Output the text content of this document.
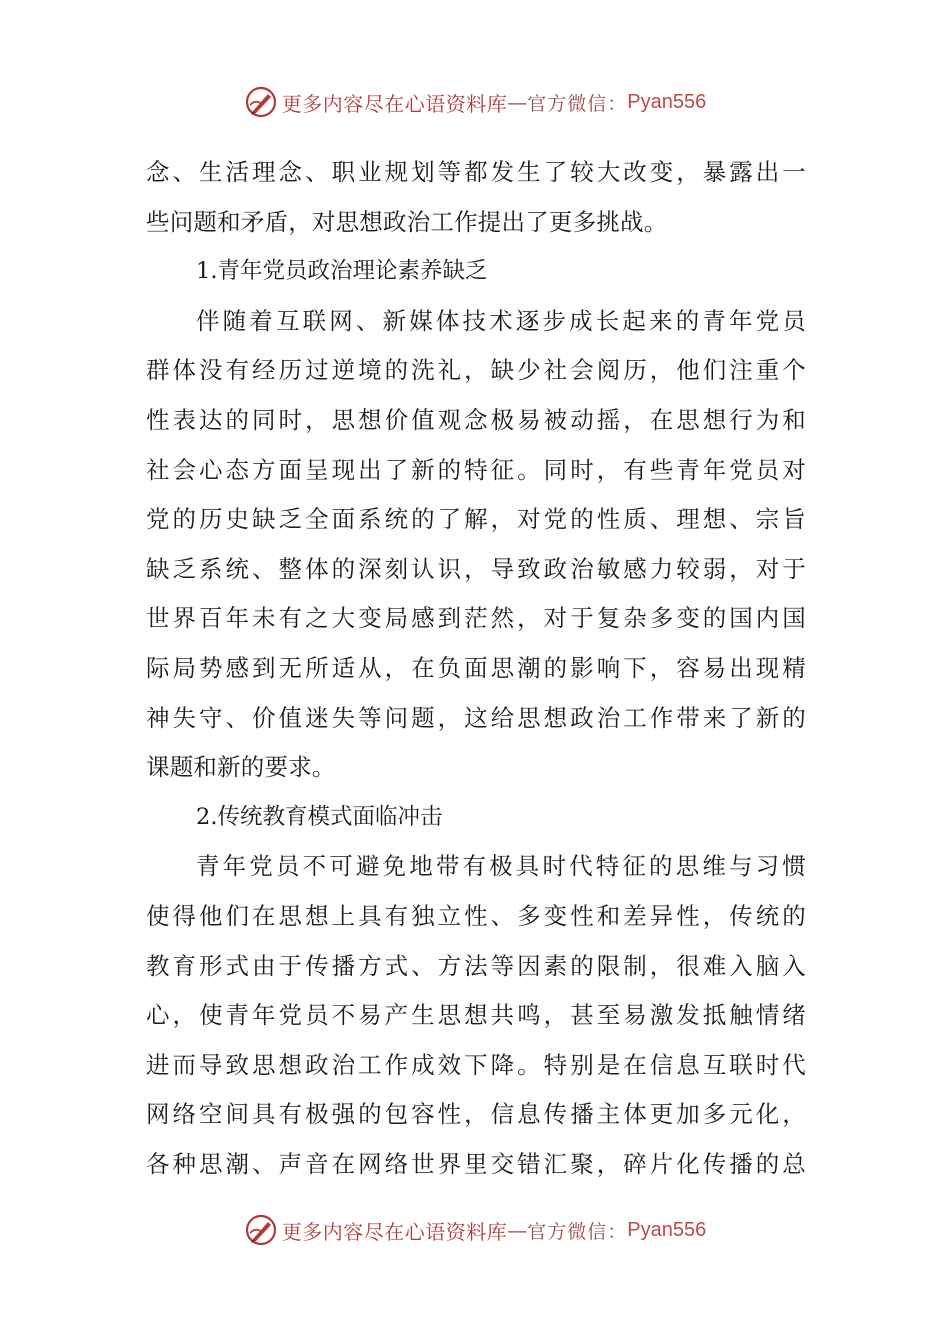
更多内容尽在心语资料库 — 官方微信： Pyan556
念、生活理念、职业规划等都发生了较大改变，暴露出一
些问题和矛盾，对思想政治工作提出了更多挑战。
1.青年党员政治理论素养缺乏
伴随着互联网、新媒体技术逐步成长起来的青年党员
群体没有经历过逆境的洗礼，缺少社会阅历，他们注重个
性表达的同时，思想价值观念极易被动摇，在思想行为和
社会心态方面呈现出了新的特征。同时，有些青年党员对
党的历史缺乏全面系统的了解，对党的性质、理想、宗旨
缺乏系统、整体的深刻认识，导致政治敏感力较弱，对于
世界百年未有之大变局感到茫然，对于复杂多变的国内国
际局势感到无所适从，在负面思潮的影响下，容易出现精
神失守、价值迷失等问题，这给思想政治工作带来了新的
课题和新的要求。
2.传统教育模式面临冲击
青年党员不可避免地带有极具时代特征的思维与习惯
使得他们在思想上具有独立性、多变性和差异性，传统的
教育形式由于传播方式、方法等因素的限制，很难入脑入
心，使青年党员不易产生思想共鸣，甚至易激发抵触情绪
进而导致思想政治工作成效下降。特别是在信息互联时代
网络空间具有极强的包容性，信息传播主体更加多元化，
各种思潮、声音在网络世界里交错汇聚，碎片化传播的总
更多内容尽在心语资料库 — 官方微信： Pyan556
